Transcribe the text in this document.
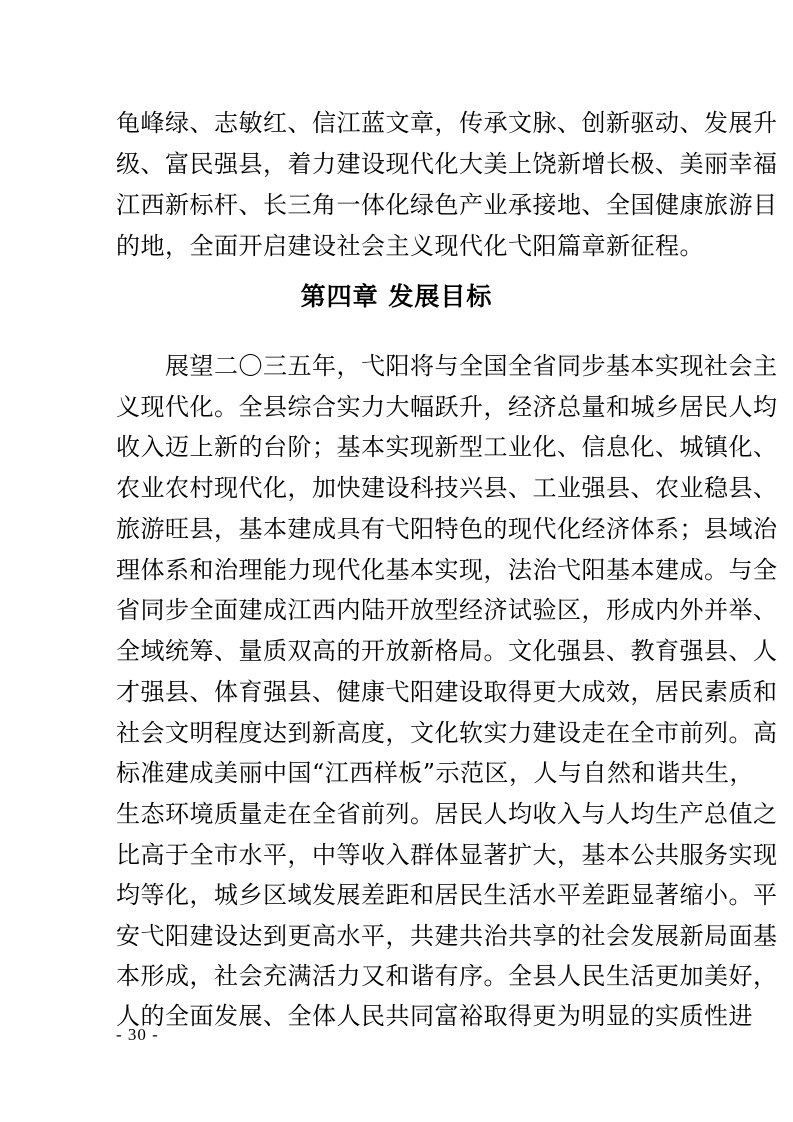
龟峰绿、志敏红、信江蓝文章，传承文脉、创新驱动、发展升
级、富民强县，着力建设现代化大美上饶新增长极、美丽幸福
江西新标杆、长三角一体化绿色产业承接地、全国健康旅游目
的地，全面开启建设社会主义现代化弋阳篇章新征程。
第四章 发展目标
　　展望二〇三五年，弋阳将与全国全省同步基本实现社会主
义现代化。全县综合实力大幅跃升，经济总量和城乡居民人均
收入迈上新的台阶；基本实现新型工业化、信息化、城镇化、
农业农村现代化，加快建设科技兴县、工业强县、农业稳县、
旅游旺县，基本建成具有弋阳特色的现代化经济体系；县域治
理体系和治理能力现代化基本实现，法治弋阳基本建成。与全
省同步全面建成江西内陆开放型经济试验区，形成内外并举、
全域统筹、量质双高的开放新格局。文化强县、教育强县、人
才强县、体育强县、健康弋阳建设取得更大成效，居民素质和
社会文明程度达到新高度，文化软实力建设走在全市前列。高
标准建成美丽中国“江西样板”示范区，人与自然和谐共生，
生态环境质量走在全省前列。居民人均收入与人均生产总值之
比高于全市水平，中等收入群体显著扩大，基本公共服务实现
均等化，城乡区域发展差距和居民生活水平差距显著缩小。平
安弋阳建设达到更高水平，共建共治共享的社会发展新局面基
本形成，社会充满活力又和谐有序。全县人民生活更加美好，
人的全面发展、全体人民共同富裕取得更为明显的实质性进
- 30 -
